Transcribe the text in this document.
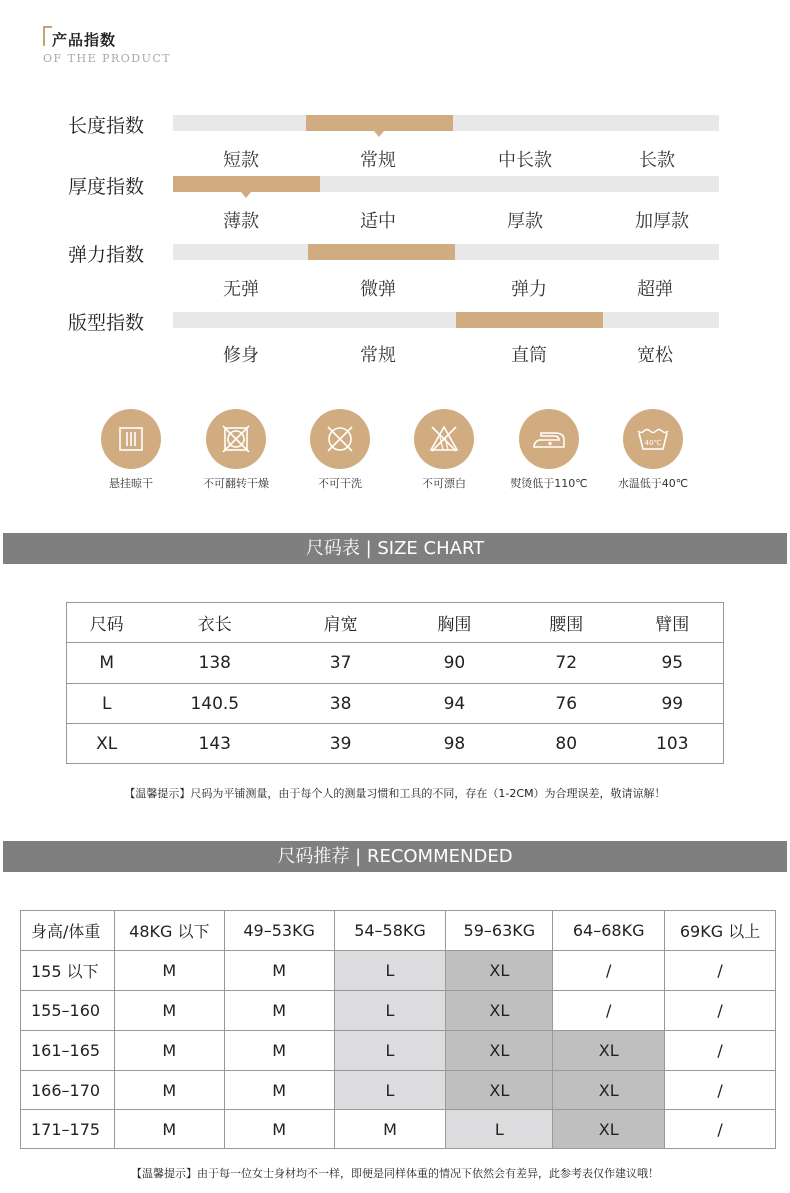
产品指数
OF THE PRODUCT
长度指数
短款	常规	中长款	长款
厚度指数
薄款	适中	厚款	加厚款
弹力指数
无弹	微弹	弹力	超弹
版型指数
修身	常规	直筒	宽松
40℃
悬挂晾干	不可翻转干燥	不可干洗	不可漂白	熨烫低于110℃	水温低于40℃
尺码表 | SIZE CHART
尺码	衣长	肩宽	胸围	腰围	臂围
M	138	37	90	72	95
L	140.5	38	94	76	99
XL	143	39	98	80	103
【温馨提示】尺码为平铺测量，由于每个人的测量习惯和工具的不同，存在（1-2CM）为合理误差，敬请谅解！
尺码推荐 | RECOMMENDED
身高/体重	48KG 以下	49–53KG	54–58KG	59–63KG	64–68KG	69KG 以上
155 以下	M	M	L	XL	/	/
155–160	M	M	L	XL	/	/
161–165	M	M	L	XL	XL	/
166–170	M	M	L	XL	XL	/
171–175	M	M	M	L	XL	/
【温馨提示】由于每一位女士身材均不一样，即便是同样体重的情况下依然会有差异，此参考表仅作建议哦！
